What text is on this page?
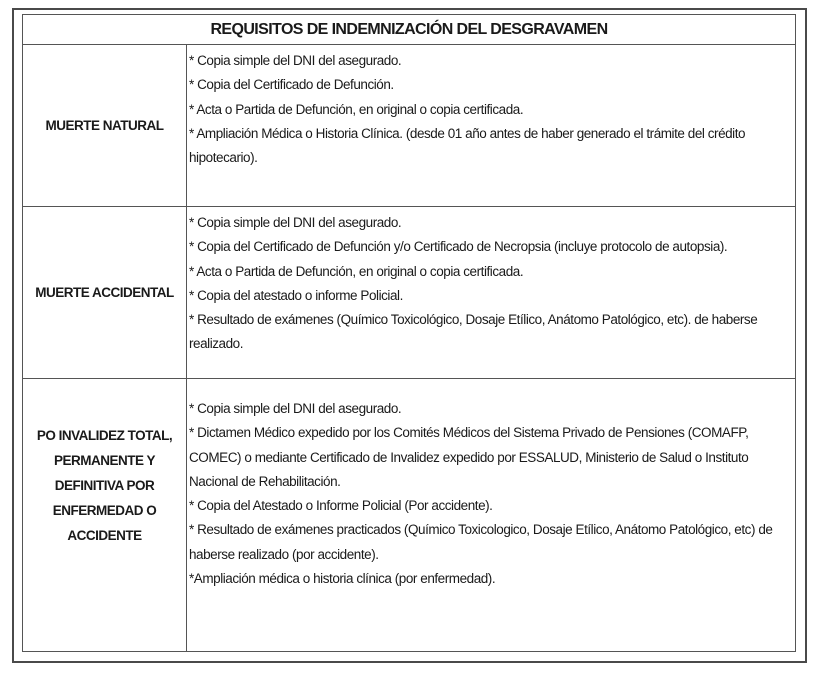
REQUISITOS DE INDEMNIZACIÓN DEL DESGRAVAMEN
MUERTE NATURAL

* Copia simple del DNI del asegurado.

* Copia del Certificado de Defunción.

* Acta o Partida de Defunción, en original o copia certificada.

* Ampliación Médica o Historia Clínica. (desde 01 año antes de haber generado el trámite del crédito hipotecario).

MUERTE ACCIDENTAL

* Copia simple del DNI del asegurado.

* Copia del Certificado de Defunción y/o Certificado de Necropsia (incluye protocolo de autopsia).

* Acta o Partida de Defunción, en original o copia certificada.

* Copia del atestado o informe Policial.

* Resultado de exámenes (Químico Toxicológico, Dosaje Etílico, Anátomo Patológico, etc). de haberse realizado.

PO INVALIDEZ TOTAL, PERMANENTE Y DEFINITIVA POR ENFERMEDAD O ACCIDENTE

* Copia simple del DNI del asegurado.

* Dictamen Médico expedido por los Comités Médicos del Sistema Privado de Pensiones (COMAFP, COMEC) o mediante Certificado de Invalidez expedido por ESSALUD, Ministerio de Salud o Instituto Nacional de Rehabilitación.

* Copia del Atestado o Informe Policial (Por accidente).

* Resultado de exámenes practicados (Químico Toxicologico, Dosaje Etílico, Anátomo Patológico, etc) de haberse realizado (por accidente).

*Ampliación médica o historia clínica (por enfermedad).
